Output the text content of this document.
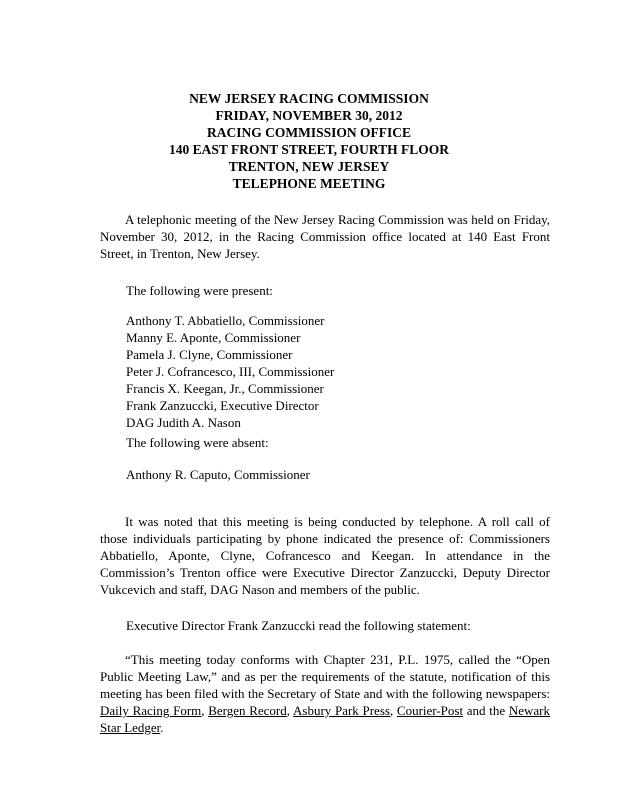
NEW JERSEY RACING COMMISSION
FRIDAY, NOVEMBER 30, 2012
RACING COMMISSION OFFICE
140 EAST FRONT STREET, FOURTH FLOOR
TRENTON, NEW JERSEY
TELEPHONE MEETING

A telephonic meeting of the New Jersey Racing Commission was held on Friday, November 30, 2012, in the Racing Commission office located at 140 East Front Street, in Trenton, New Jersey.

The following were present:
Anthony T. Abbatiello, Commissioner
Manny E. Aponte, Commissioner
Pamela J. Clyne, Commissioner
Peter J. Cofrancesco, III, Commissioner
Francis X. Keegan, Jr., Commissioner
Frank Zanzuccki, Executive Director
DAG Judith A. Nason
The following were absent:
Anthony R. Caputo, Commissioner

It was noted that this meeting is being conducted by telephone. A roll call of those individuals participating by phone indicated the presence of: Commissioners Abbatiello, Aponte, Clyne, Cofrancesco and Keegan. In attendance in the Commission’s Trenton office were Executive Director Zanzuccki, Deputy Director Vukcevich and staff, DAG Nason and members of the public.

Executive Director Frank Zanzuccki read the following statement:

“This meeting today conforms with Chapter 231, P.L. 1975, called the “Open Public Meeting Law,” and as per the requirements of the statute, notification of this meeting has been filed with the Secretary of State and with the following newspapers: Daily Racing Form, Bergen Record, Asbury Park Press, Courier-Post and the Newark Star Ledger.
